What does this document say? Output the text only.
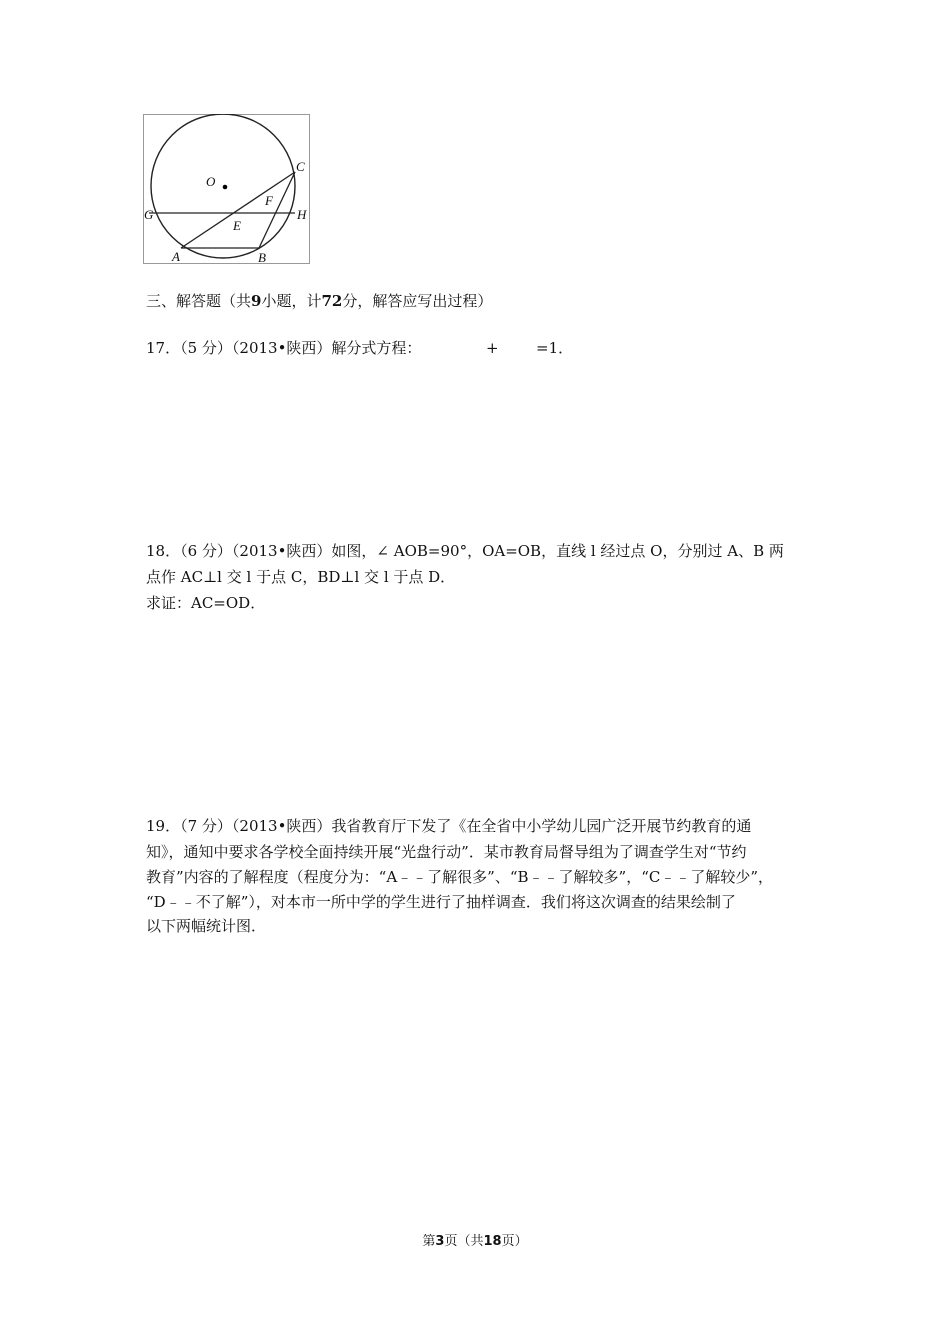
O
C
G	H
F
E
A	B
三、解答题（共9小题，计72分，解答应写出过程）
17．（5 分）（2013•陕西）解分式方程：	+ =1．
18．（6 分）（2013•陕西）如图，∠ AOB=90°，OA=OB，直线 l 经过点 O，分别过 A、B 两
点作 AC⊥l 交 l 于点 C，BD⊥l 交 l 于点 D．
求证：AC=OD．
19．（7 分）（2013•陕西）我省教育厅下发了《在全省中小学幼儿园广泛开展节约教育的通
知》，通知中要求各学校全面持续开展“光盘行动”．某市教育局督导组为了调查学生对“节约
教育”内容的了解程度（程度分为：“A﹣﹣了解很多”、“B﹣﹣了解较多”，“C﹣﹣了解较少”，
“D﹣﹣不了解”），对本市一所中学的学生进行了抽样调查．我们将这次调查的结果绘制了
以下两幅统计图．
第3页（共18页）
